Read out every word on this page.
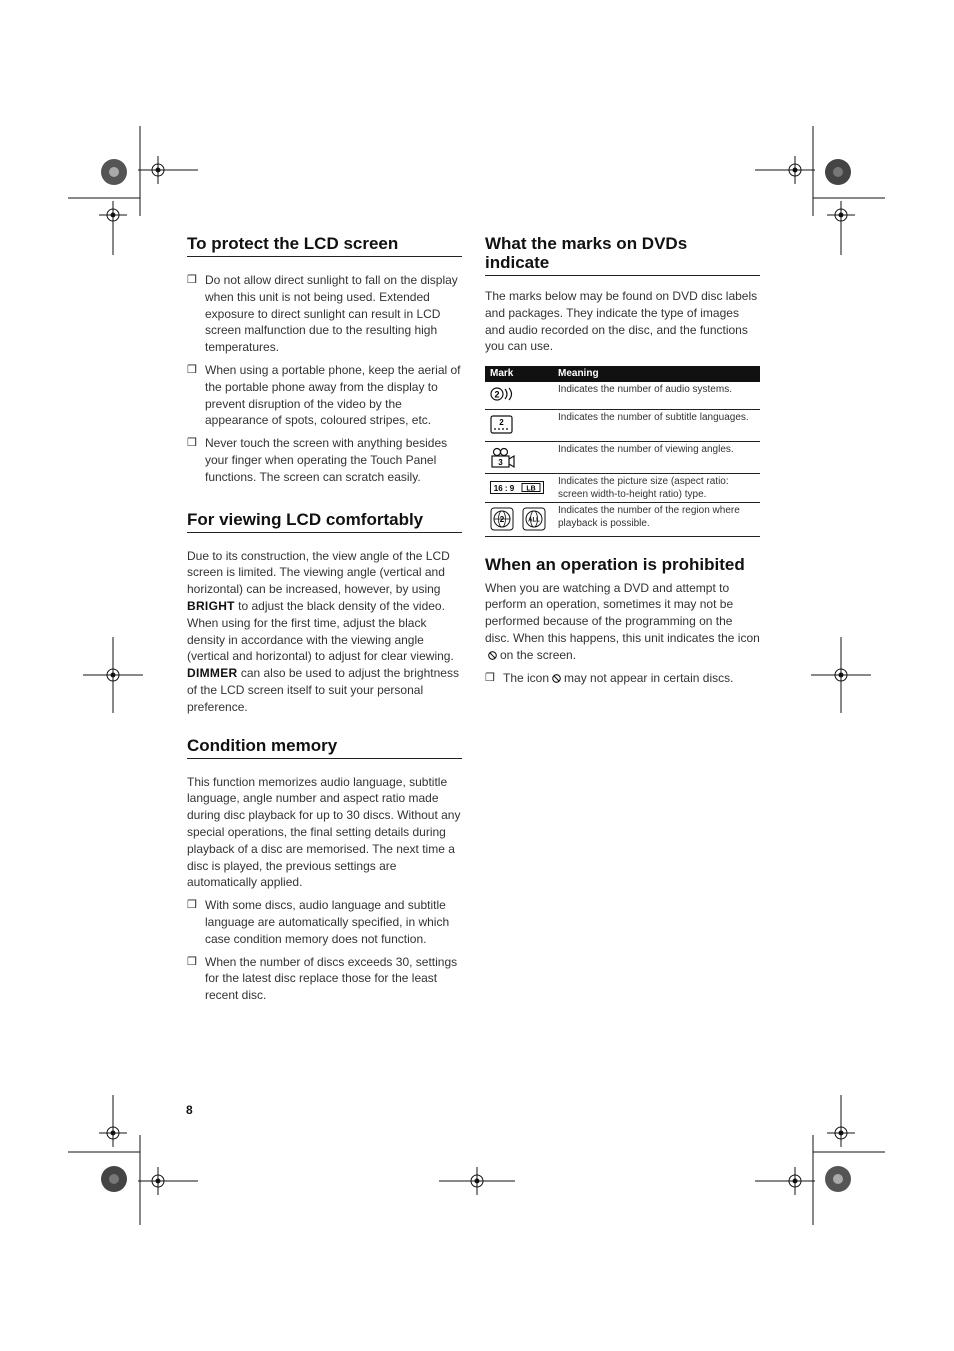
To protect the LCD screen
❒ Do not allow direct sunlight to fall on the display when this unit is not being used. Extended exposure to direct sunlight can result in LCD screen malfunction due to the resulting high temperatures.
❒ When using a portable phone, keep the aerial of the portable phone away from the display to prevent disruption of the video by the appearance of spots, coloured stripes, etc.
❒ Never touch the screen with anything besides your finger when operating the Touch Panel functions. The screen can scratch easily.
For viewing LCD comfortably

Due to its construction, the view angle of the LCD screen is limited. The viewing angle (vertical and horizontal) can be increased, however, by using BRIGHT to adjust the black density of the video. When using for the first time, adjust the black density in accordance with the viewing angle (vertical and horizontal) to adjust for clear viewing. DIMMER can also be used to adjust the brightness of the LCD screen itself to suit your personal preference.

Condition memory

This function memorizes audio language, subtitle language, angle number and aspect ratio made during disc playback for up to 30 discs. Without any special operations, the final setting details during playback of a disc are memorised. The next time a disc is played, the previous settings are automatically applied.

❒ With some discs, audio language and subtitle language are automatically specified, in which case condition memory does not function.
❒ When the number of discs exceeds 30, settings for the latest disc replace those for the least recent disc.
What the marks on DVDs
indicate

The marks below may be found on DVD disc labels and packages. They indicate the type of images and audio recorded on the disc, and the functions you can use.

Mark	Meaning

2	Indicates the number of audio systems.

2	Indicates the number of subtitle languages.

3	Indicates the number of viewing angles.

16 : 9 LB	Indicates the picture size (aspect ratio: screen width-to-height ratio) type.

2 ALL	Indicates the number of the region where playback is possible.
When an operation is prohibited

When you are watching a DVD and attempt to perform an operation, sometimes it may not be performed because of the programming on the disc. When this happens, this unit indicates the iconon the screen.

❒ The icon may not appear in certain discs.
8
